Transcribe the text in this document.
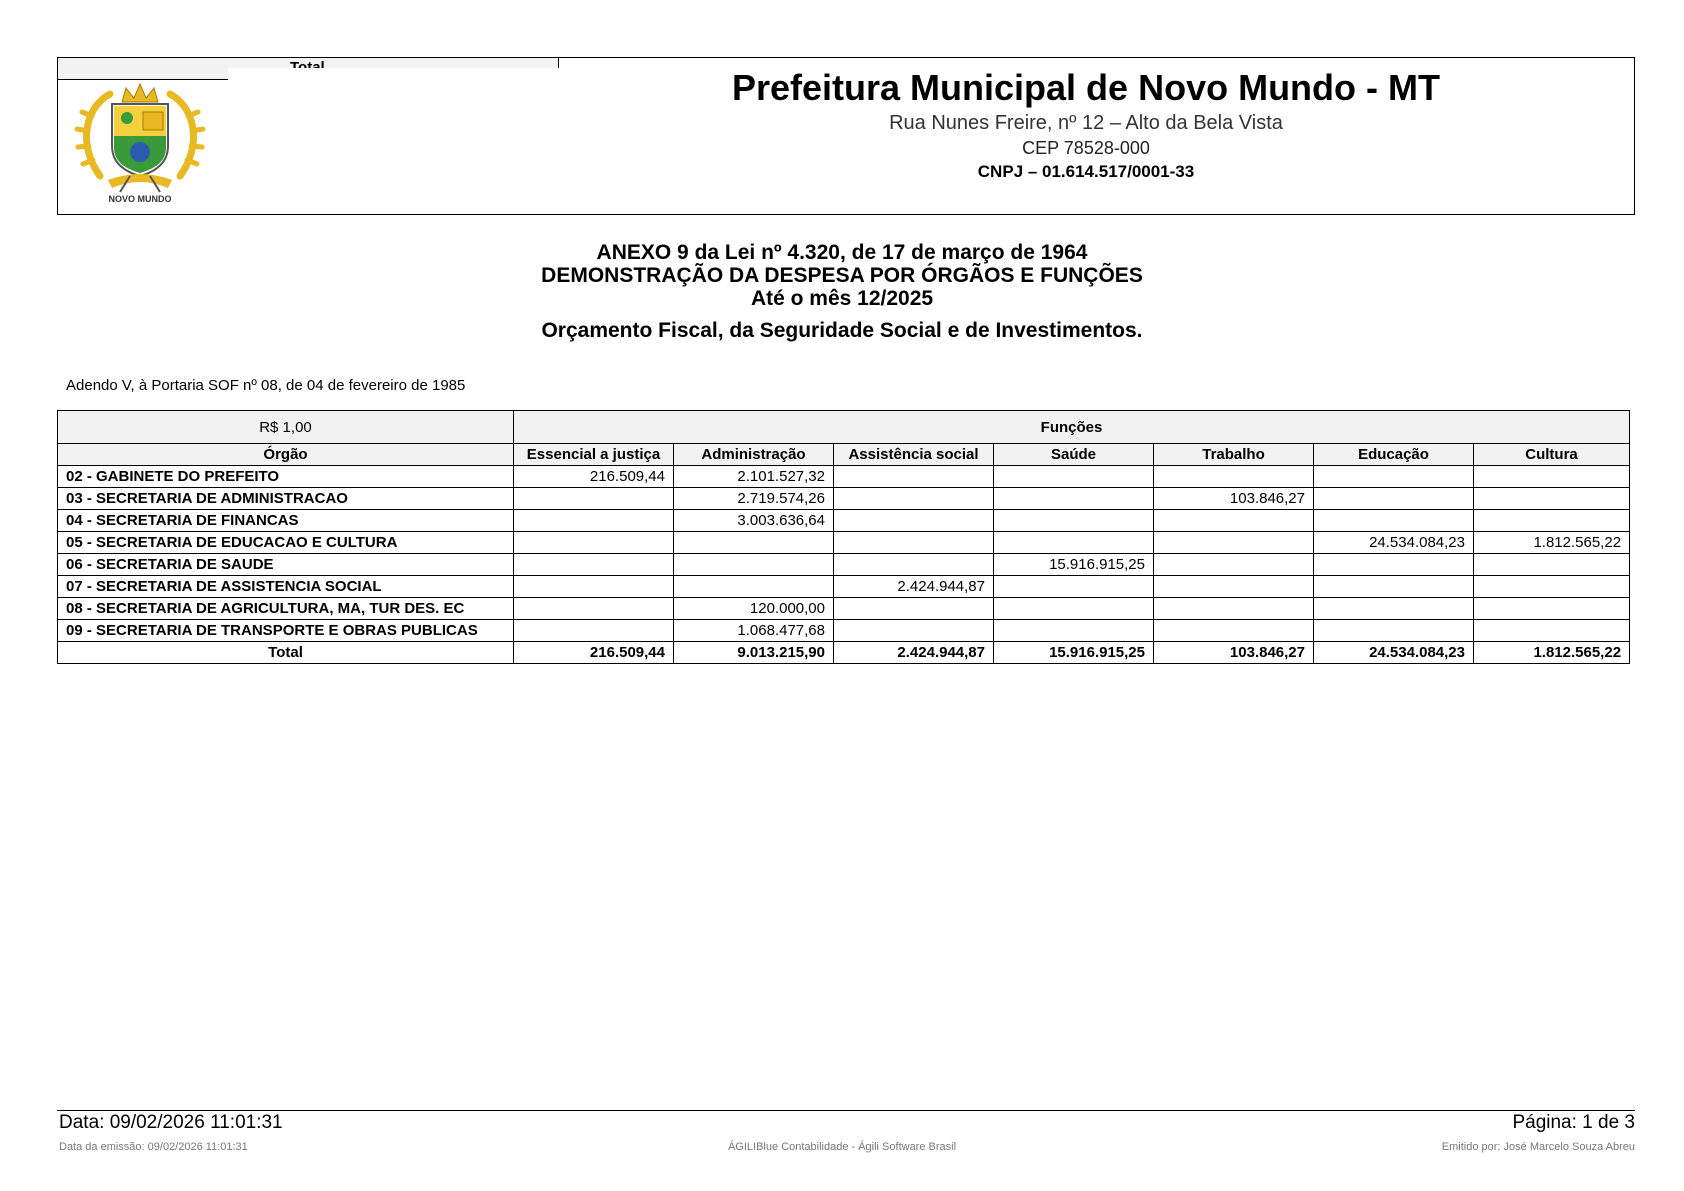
NOVO MUNDO
Prefeitura Municipal de Novo Mundo - MT
Rua Nunes Freire, nº 12 – Alto da Bela Vista
CEP 78528-000
CNPJ – 01.614.517/0001-33
ANEXO 9 da Lei nº 4.320, de 17 de março de 1964
DEMONSTRAÇÃO DA DESPESA POR ÓRGÃOS E FUNÇÕES
Até o mês 12/2025
Orçamento Fiscal, da Seguridade Social e de Investimentos.
Adendo V, à Portaria SOF nº 08, de 04 de fevereiro de 1985
R$ 1,00	Funções						
Órgão	Essencial a justiça	Administração	Assistência social	Saúde	Trabalho	Educação	Cultura
02 - GABINETE DO PREFEITO	216.509,44	2.101.527,32					
03 - SECRETARIA DE ADMINISTRACAO		2.719.574,26			103.846,27		
04 - SECRETARIA DE FINANCAS		3.003.636,64					
05 - SECRETARIA DE EDUCACAO E CULTURA						24.534.084,23	1.812.565,22
06 - SECRETARIA DE SAUDE				15.916.915,25			
07 - SECRETARIA DE ASSISTENCIA SOCIAL			2.424.944,87				
08 - SECRETARIA DE AGRICULTURA, MA, TUR DES. EC		120.000,00					
09 - SECRETARIA DE TRANSPORTE E OBRAS PUBLICAS		1.068.477,68					
Total	216.509,44	9.013.215,90	2.424.944,87	15.916.915,25	103.846,27	24.534.084,23	1.812.565,22
Data: 09/02/2026 11:01:31	Página: 1 de 3
Data da emissão: 09/02/2026 11:01:31	ÁGILIBlue Contabilidade - Ágili Software Brasil	Emitido por: José Marcelo Souza Abreu
